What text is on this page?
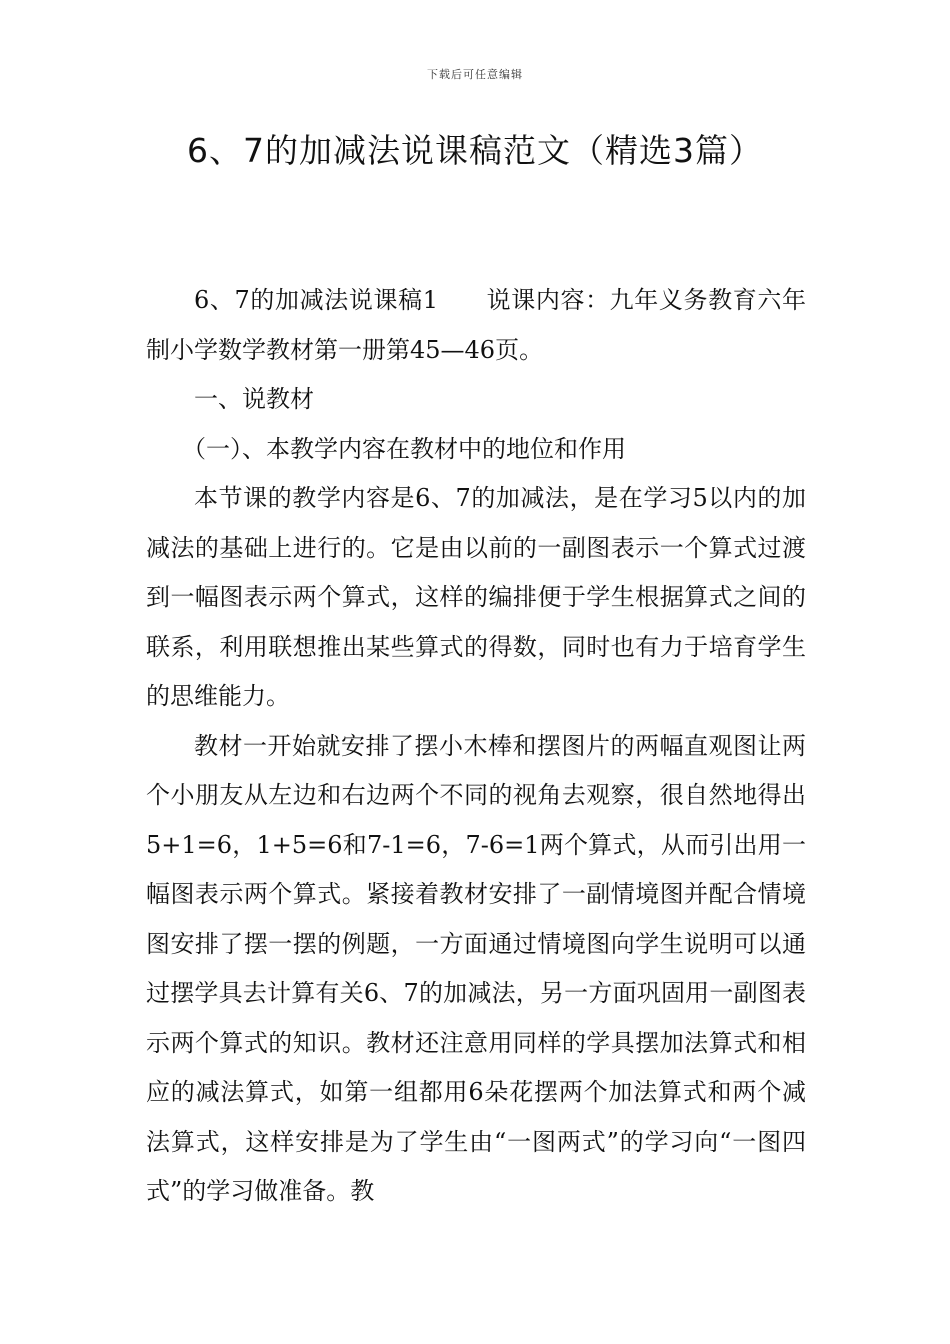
下载后可任意编辑
6、7的加减法说课稿范文（精选3篇）

6、7的加减法说课稿1 说课内容：九年义务教育六年制小学数学教材第一册第45—46页。

一、说教材

（一）、本教学内容在教材中的地位和作用

本节课的教学内容是6、7的加减法，是在学习5以内的加减法的基础上进行的。它是由以前的一副图表示一个算式过渡到一幅图表示两个算式，这样的编排便于学生根据算式之间的联系，利用联想推出某些算式的得数，同时也有力于培育学生的思维能力。

教材一开始就安排了摆小木棒和摆图片的两幅直观图让两个小朋友从左边和右边两个不同的视角去观察，很自然地得出5+1=6，1+5=6和7-1=6，7-6=1两个算式，从而引出用一幅图表示两个算式。紧接着教材安排了一副情境图并配合情境图安排了摆一摆的例题，一方面通过情境图向学生说明可以通过摆学具去计算有关6、7的加减法，另一方面巩固用一副图表示两个算式的知识。教材还注意用同样的学具摆加法算式和相应的减法算式，如第一组都用6朵花摆两个加法算式和两个减法算式，这样安排是为了学生由“一图两式”的学习向“一图四式”的学习做准备。教
